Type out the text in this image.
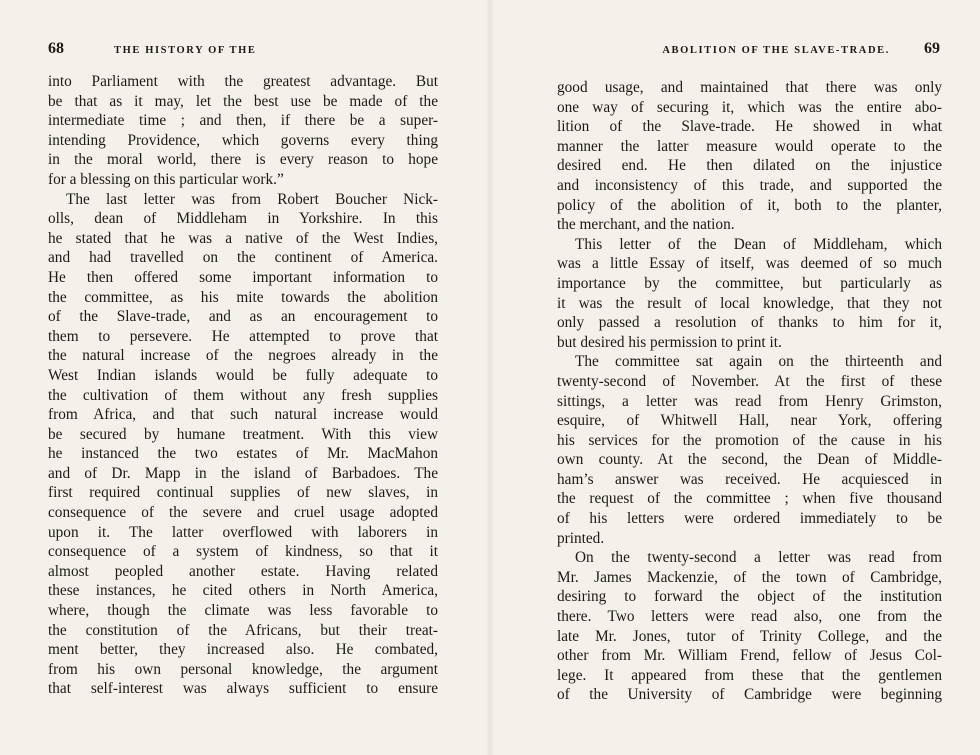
68	THE HISTORY OF THE
into Parliament with the greatest advantage. But
be that as it may, let the best use be made of the
intermediate time ; and then, if there be a super-
intending Providence, which governs every thing
in the moral world, there is every reason to hope
for a blessing on this particular work.”
The last letter was from Robert Boucher Nick-
olls, dean of Middleham in Yorkshire. In this
he stated that he was a native of the West Indies,
and had travelled on the continent of America.
He then offered some important information to
the committee, as his mite towards the abolition
of the Slave-trade, and as an encouragement to
them to persevere. He attempted to prove that
the natural increase of the negroes already in the
West Indian islands would be fully adequate to
the cultivation of them without any fresh supplies
from Africa, and that such natural increase would
be secured by humane treatment. With this view
he instanced the two estates of Mr. MacMahon
and of Dr. Mapp in the island of Barbadoes. The
first required continual supplies of new slaves, in
consequence of the severe and cruel usage adopted
upon it. The latter overflowed with laborers in
consequence of a system of kindness, so that it
almost peopled another estate. Having related
these instances, he cited others in North America,
where, though the climate was less favorable to
the constitution of the Africans, but their treat-
ment better, they increased also. He combated,
from his own personal knowledge, the argument
that self-interest was always sufficient to ensure
ABOLITION OF THE SLAVE-TRADE. 69
good usage, and maintained that there was only
one way of securing it, which was the entire abo-
lition of the Slave-trade. He showed in what
manner the latter measure would operate to the
desired end. He then dilated on the injustice
and inconsistency of this trade, and supported the
policy of the abolition of it, both to the planter,
the merchant, and the nation.
This letter of the Dean of Middleham, which
was a little Essay of itself, was deemed of so much
importance by the committee, but particularly as
it was the result of local knowledge, that they not
only passed a resolution of thanks to him for it,
but desired his permission to print it.
The committee sat again on the thirteenth and
twenty-second of November. At the first of these
sittings, a letter was read from Henry Grimston,
esquire, of Whitwell Hall, near York, offering
his services for the promotion of the cause in his
own county. At the second, the Dean of Middle-
ham’s answer was received. He acquiesced in
the request of the committee ; when five thousand
of his letters were ordered immediately to be
printed.
On the twenty-second a letter was read from
Mr. James Mackenzie, of the town of Cambridge,
desiring to forward the object of the institution
there. Two letters were read also, one from the
late Mr. Jones, tutor of Trinity College, and the
other from Mr. William Frend, fellow of Jesus Col-
lege. It appeared from these that the gentlemen
of the University of Cambridge were beginning
